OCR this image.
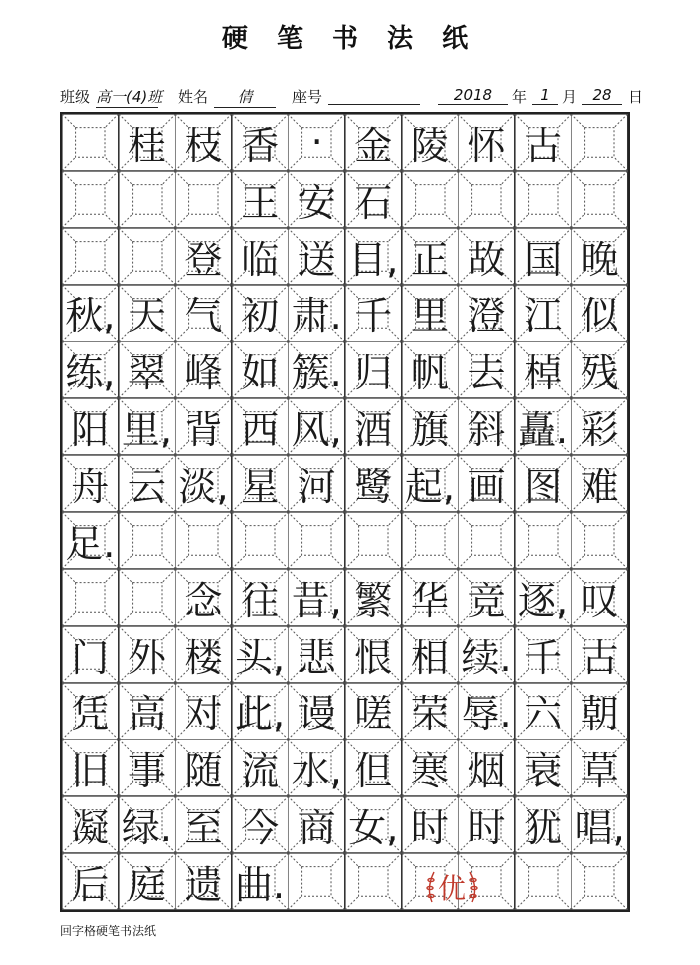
硬 笔 书 法 纸
班级 高一(4)班 姓名	倩	座号	2018	年 1 月	28	日
桂 枝 香 · 金 陵 怀 古
王 安 石
登 临 送 目, 正 故 国 晚
秋, 天 气 初 肃. 千 里 澄 江 似
练, 翠 峰 如 簇. 归 帆 去 棹 残
阳 里, 背 西 风, 酒 旗 斜 矗. 彩
舟 云 淡, 星 河 鹭 起, 画 图 难
足.
念 往 昔, 繁 华 竞 逐, 叹
门 外 楼 头, 悲 恨 相 续. 千 古
凭 高 对 此, 谩 嗟 荣 辱. 六 朝
旧 事 随 流 水, 但 寒 烟 衰 草
凝 绿. 至 今 商 女, 时 时 犹 唱,
后 庭 遗 曲.	优
回字格硬笔书法纸
